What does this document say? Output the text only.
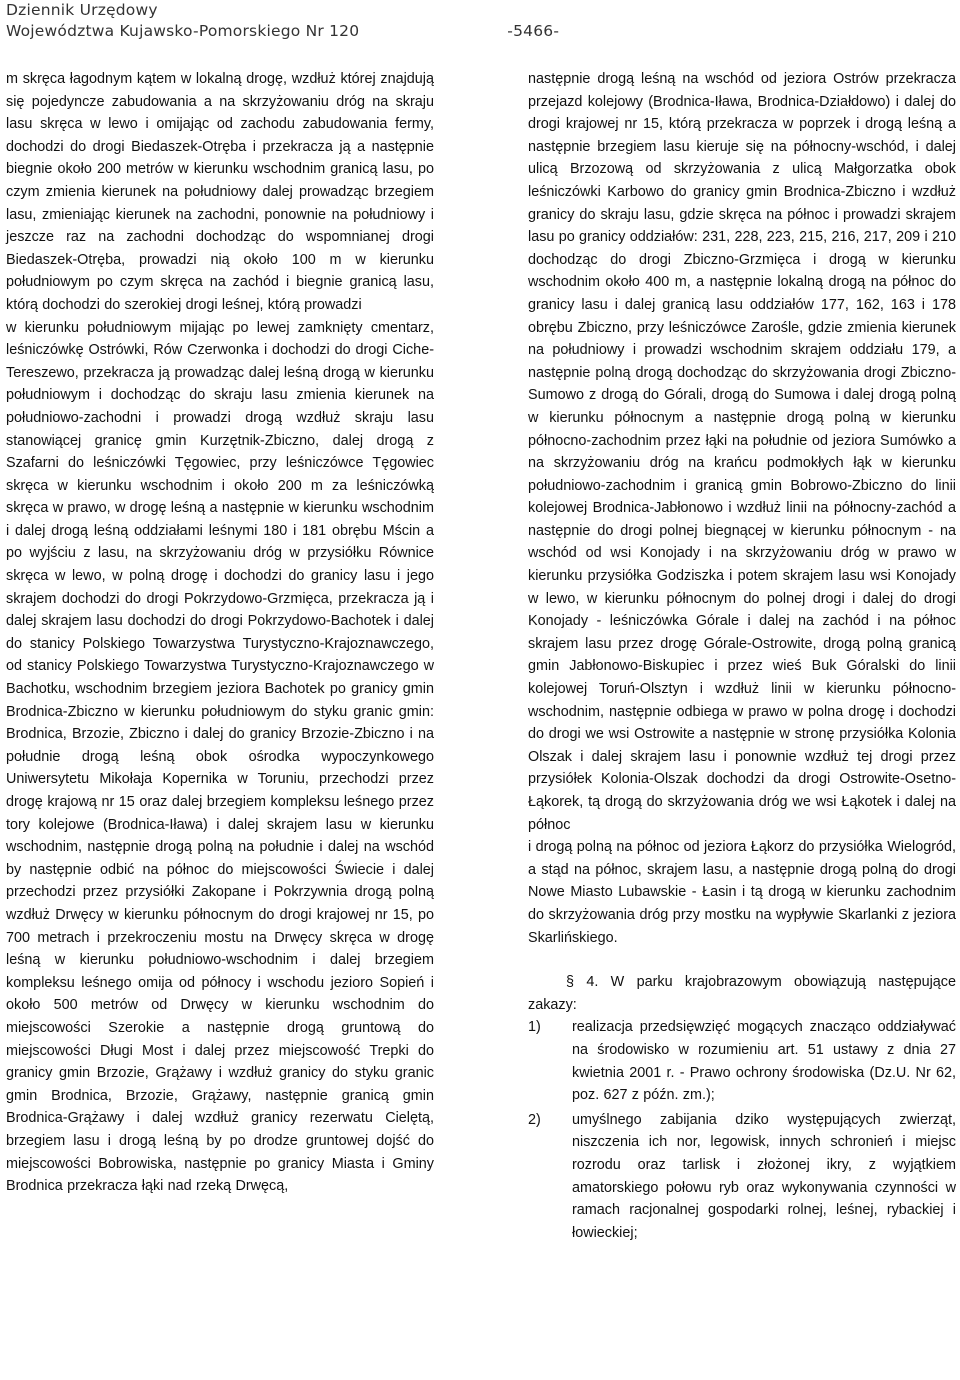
Dziennik Urzędowy
Województwa Kujawsko-Pomorskiego Nr 120	-5466-

m skręca łagodnym kątem w lokalną drogę, wzdłuż której znajdują się pojedyncze zabudowania a na skrzyżowaniu dróg na skraju lasu skręca w lewo i omijając od zachodu zabudowania fermy, dochodzi do drogi Biedaszek-Otręba i przekracza ją a następnie biegnie około 200 metrów w kierunku wschodnim granicą lasu, po czym zmienia kierunek na południowy dalej prowadząc brzegiem lasu, zmieniając kierunek na zachodni, ponownie na południowy i jeszcze raz na zachodni dochodząc do wspomnianej drogi Biedaszek-Otręba, prowadzi nią około 100 m w kierunku południowym po czym skręca na zachód i biegnie granicą lasu, którą dochodzi do szerokiej drogi leśnej, którą prowadzi

w kierunku południowym mijając po lewej zamknięty cmentarz, leśniczówkę Ostrówki, Rów Czerwonka i dochodzi do drogi Ciche-Tereszewo, przekracza ją prowadząc dalej leśną drogą w kierunku południowym i dochodząc do skraju lasu zmienia kierunek na południowo-zachodni i prowadzi drogą wzdłuż skraju lasu stanowiącej granicę gmin Kurzętnik-Zbiczno, dalej drogą z Szafarni do leśniczówki Tęgowiec, przy leśniczówce Tęgowiec skręca w kierunku wschodnim i około 200 m za leśniczówką skręca w prawo, w drogę leśną a następnie w kierunku wschodnim i dalej drogą leśną oddziałami leśnymi 180 i 181 obrębu Mścin a po wyjściu z lasu, na skrzyżowaniu dróg w przysiółku Równice skręca w lewo, w polną drogę i dochodzi do granicy lasu i jego skrajem dochodzi do drogi Pokrzydowo-Grzmięca, przekracza ją i dalej skrajem lasu dochodzi do drogi Pokrzydowo-Bachotek i dalej do stanicy Polskiego Towarzystwa Turystyczno-Krajoznawczego, od stanicy Polskiego Towarzystwa Turystyczno-Krajoznawczego w Bachotku, wschodnim brzegiem jeziora Bachotek po granicy gmin Brodnica-Zbiczno w kierunku południowym do styku granic gmin: Brodnica, Brzozie, Zbiczno i dalej do granicy Brzozie-Zbiczno i na południe drogą leśną obok ośrodka wypoczynkowego Uniwersytetu Mikołaja Kopernika w Toruniu, przechodzi przez drogę krajową nr 15 oraz dalej brzegiem kompleksu leśnego przez tory kolejowe (Brodnica-Iława) i dalej skrajem lasu w kierunku wschodnim, następnie drogą polną na południe i dalej na wschód by następnie odbić na północ do miejscowości Świecie i dalej przechodzi przez przysiółki Zakopane i Pokrzywnia drogą polną wzdłuż Drwęcy w kierunku północnym do drogi krajowej nr 15, po 700 metrach i przekroczeniu mostu na Drwęcy skręca w drogę leśną w kierunku południowo-wschodnim i dalej brzegiem kompleksu leśnego omija od północy i wschodu jezioro Sopień i około 500 metrów od Drwęcy w kierunku wschodnim do miejscowości Szerokie a następnie drogą gruntową do miejscowości Długi Most i dalej przez miejscowość Trepki do granicy gmin Brzozie, Grążawy i wzdłuż granicy do styku granic gmin Brodnica, Brzozie, Grążawy, następnie granicą gmin Brodnica-Grążawy i dalej wzdłuż granicy rezerwatu Cielętą, brzegiem lasu i drogą leśną by po drodze gruntowej dojść do miejscowości Bobrowiska, następnie po granicy Miasta i Gminy Brodnica przekracza łąki nad rzeką Drwęcą,

następnie drogą leśną na wschód od jeziora Ostrów przekracza przejazd kolejowy (Brodnica-Iława, Brodnica-Działdowo) i dalej do drogi krajowej nr 15, którą przekracza w poprzek i drogą leśną a następnie brzegiem lasu kieruje się na północny-wschód, i dalej ulicą Brzozową od skrzyżowania z ulicą Małgorzatka obok leśniczówki Karbowo do granicy gmin Brodnica-Zbiczno i wzdłuż granicy do skraju lasu, gdzie skręca na północ i prowadzi skrajem lasu po granicy oddziałów: 231, 228, 223, 215, 216, 217, 209 i 210 dochodząc do drogi Zbiczno-Grzmięca i drogą w kierunku wschodnim około 400 m, a następnie lokalną drogą na północ do granicy lasu i dalej granicą lasu oddziałów 177, 162, 163 i 178 obrębu Zbiczno, przy leśniczówce Zaroślе, gdzie zmienia kierunek na południowy i prowadzi wschodnim skrajem oddziału 179, a następnie polną drogą dochodząc do skrzyżowania drogi Zbiczno-Sumowo z drogą do Górali, drogą do Sumowa i dalej drogą polną w kierunku północnym a następnie drogą polną w kierunku północno-zachodnim przez łąki na południe od jeziora Sumówko a na skrzyżowaniu dróg na krańcu podmokłych łąk w kierunku południowo-zachodnim i granicą gmin Bobrowo-Zbiczno do linii kolejowej Brodnica-Jabłonowo i wzdłuż linii na północny-zachód a następnie do drogi polnej biegnącej w kierunku północnym - na wschód od wsi Konojady i na skrzyżowaniu dróg w prawo w kierunku przysiółka Godziszka i potem skrajem lasu wsi Konojady w lewo, w kierunku północnym do polnej drogi i dalej do drogi Konojady - leśniczówka Górale i dalej na zachód i na północ skrajem lasu przez drogę Górale-Ostrowite, drogą polną granicą gmin Jabłonowo-Biskupiec i przez wieś Buk Góralski do linii kolejowej Toruń-Olsztyn i wzdłuż linii w kierunku północno-wschodnim, następnie odbiega w prawo w polna drogę i dochodzi do drogi we wsi Ostrowite a następnie w stronę przysiółka Kolonia Olszak i dalej skrajem lasu i ponownie wzdłuż tej drogi przez przysiółek Kolonia-Olszak dochodzi da drogi Ostrowite-Osetno-Łąkorek, tą drogą do skrzyżowania dróg we wsi Łąkotek i dalej na północ

i drogą polną na północ od jeziora Łąkorz do przysiółka Wielogród, a stąd na północ, skrajem lasu, a następnie drogą polną do drogi Nowe Miasto Lubawskie - Łasin i tą drogą w kierunku zachodnim do skrzyżowania dróg przy mostku na wypływie Skarlanki z jeziora Skarlińskiego.

§ 4. W parku krajobrazowym obowiązują następujące zakazy:

1)	realizacja przedsięwzięć mogących znacząco oddziaływać na środowisko w rozumieniu art. 51 ustawy z dnia 27 kwietnia 2001 r. - Prawo ochrony środowiska (Dz.U. Nr 62, poz. 627 z późn. zm.);
2)	umyślnego zabijania dziko występujących zwierząt, niszczenia ich nor, legowisk, innych schronień i miejsc rozrodu oraz tarlisk i złożonej ikry, z wyjątkiem amatorskiego połowu ryb oraz wykonywania czynności w ramach racjonalnej gospodarki rolnej, leśnej, rybackiej i łowieckiej;
